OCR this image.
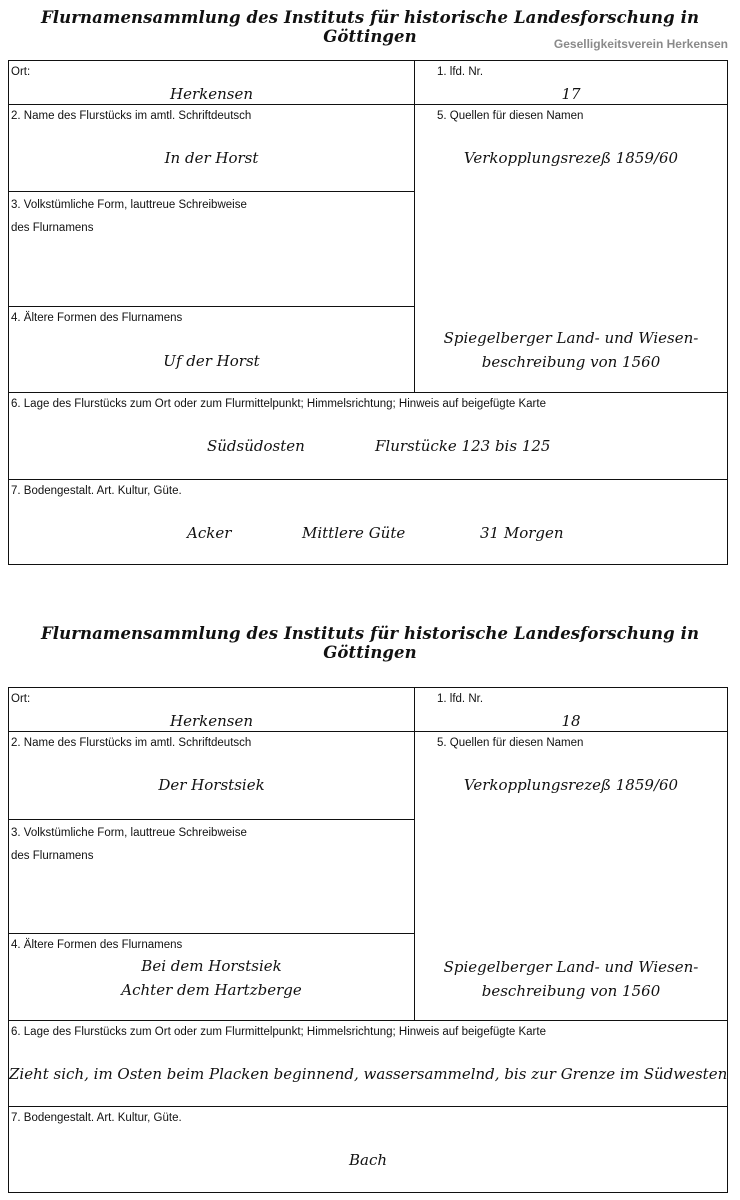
Flurnamensammlung des Instituts für historische Landesforschung in Göttingen	Geselligkeitsverein Herkensen
Ort:
Herkensen
1. lfd. Nr.
17
2. Name des Flurstücks im amtl. Schriftdeutsch
In der Horst
3. Volkstümliche Form, lauttreue Schreibweise
des Flurnamens
4. Ältere Formen des Flurnamens
Uf der Horst
5. Quellen für diesen Namen
Verkopplungsrezeß 1859/60
Spiegelberger Land- und Wiesen-
beschreibung von 1560
6. Lage des Flurstücks zum Ort oder zum Flurmittelpunkt; Himmelsrichtung; Hinweis auf beigefügte Karte
Südsüdosten	Flurstücke 123 bis 125
7. Bodengestalt. Art. Kultur, Güte.
Acker	Mittlere Güte	31 Morgen
Flurnamensammlung des Instituts für historische Landesforschung in Göttingen
Ort:
Herkensen
1. lfd. Nr.
18
2. Name des Flurstücks im amtl. Schriftdeutsch
Der Horstsiek
3. Volkstümliche Form, lauttreue Schreibweise
des Flurnamens
4. Ältere Formen des Flurnamens
Bei dem Horstsiek
Achter dem Hartzberge
5. Quellen für diesen Namen
Verkopplungsrezeß 1859/60
Spiegelberger Land- und Wiesen-
beschreibung von 1560
6. Lage des Flurstücks zum Ort oder zum Flurmittelpunkt; Himmelsrichtung; Hinweis auf beigefügte Karte
Zieht sich, im Osten beim Placken beginnend, wassersammelnd, bis zur Grenze im Südwesten
7. Bodengestalt. Art. Kultur, Güte.
Bach
